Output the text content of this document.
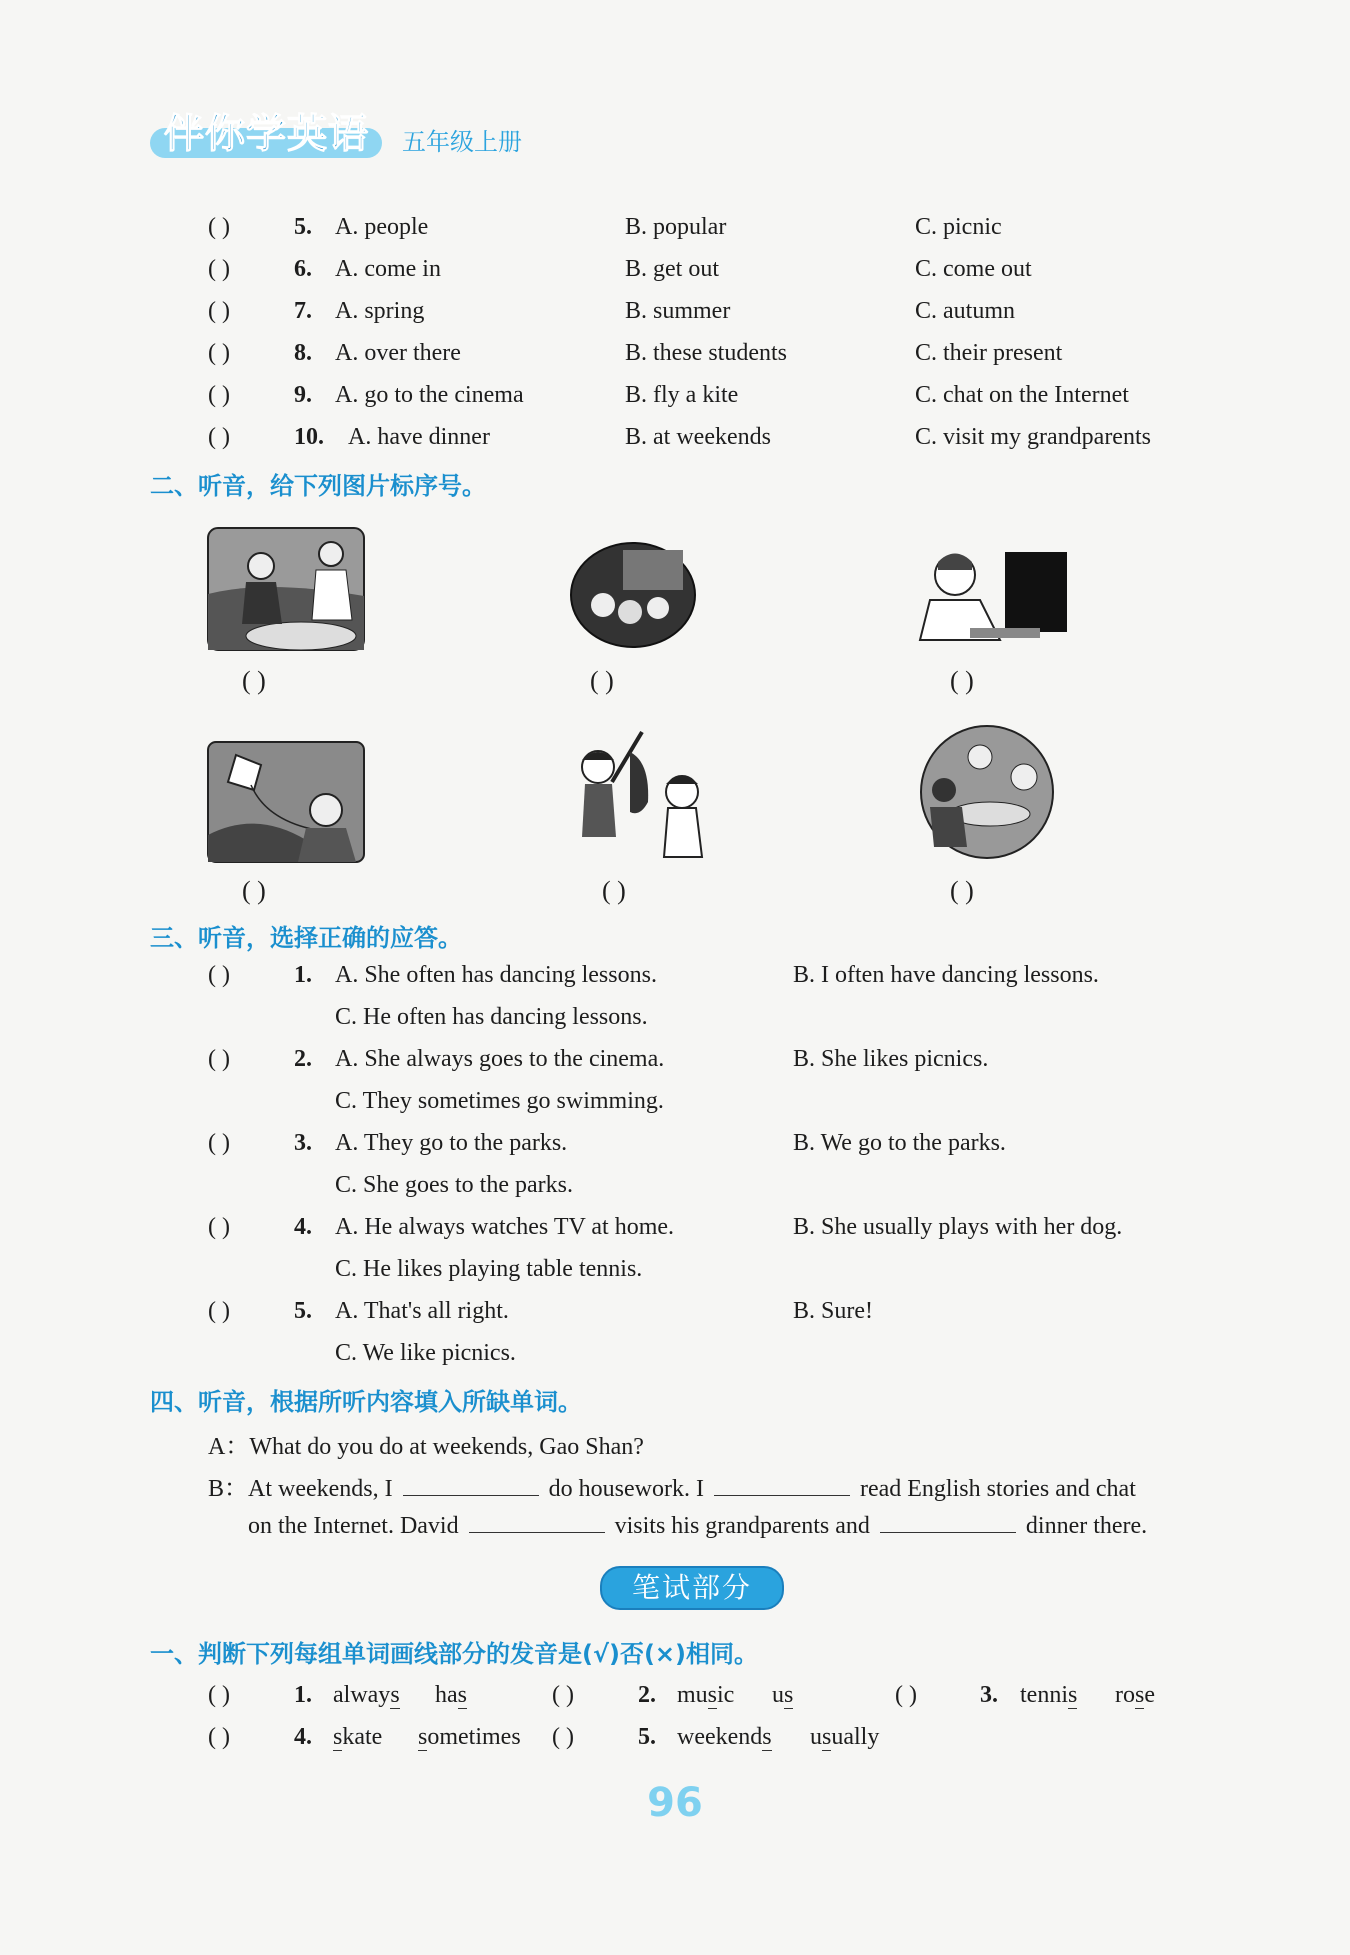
伴你学英语 五年级上册
( )	5. A. people	B. popular	C. picnic
( )	6. A. come in	B. get out	C. come out
( )	7. A. spring	B. summer	C. autumn
( )	8. A. over there	B. these students	C. their present
( )	9. A. go to the cinema	B. fly a kite	C. chat on the Internet
( )	10. A. have dinner	B. at weekends	C. visit my grandparents
二、听音，给下列图片标序号。
( )	( )	( )
( )	( )	( )
三、听音，选择正确的应答。
( )	1. A. She often has dancing lessons.	B. I often have dancing lessons.
C. He often has dancing lessons.
( )	2. A. She always goes to the cinema.	B. She likes picnics.
C. They sometimes go swimming.
( )	3. A. They go to the parks.	B. We go to the parks.
C. She goes to the parks.
( )	4. A. He always watches TV at home.	B. She usually plays with her dog.
C. He likes playing table tennis.
( )	5. A. That's all right.	B. Sure!
C. We like picnics.
四、听音，根据所听内容填入所缺单词。
A：What do you do at weekends, Gao Shan?
B：At weekends, I	do housework. I	read English stories and chat
on the Internet. David	visits his grandparents and	dinner there.
笔试部分
一、判断下列每组单词画线部分的发音是(√)否(×)相同。
( )	1. always has	( )	2. music us	( )	3. tennis rose
( )	4. skate sometimes ( )	5. weekends usually
96
